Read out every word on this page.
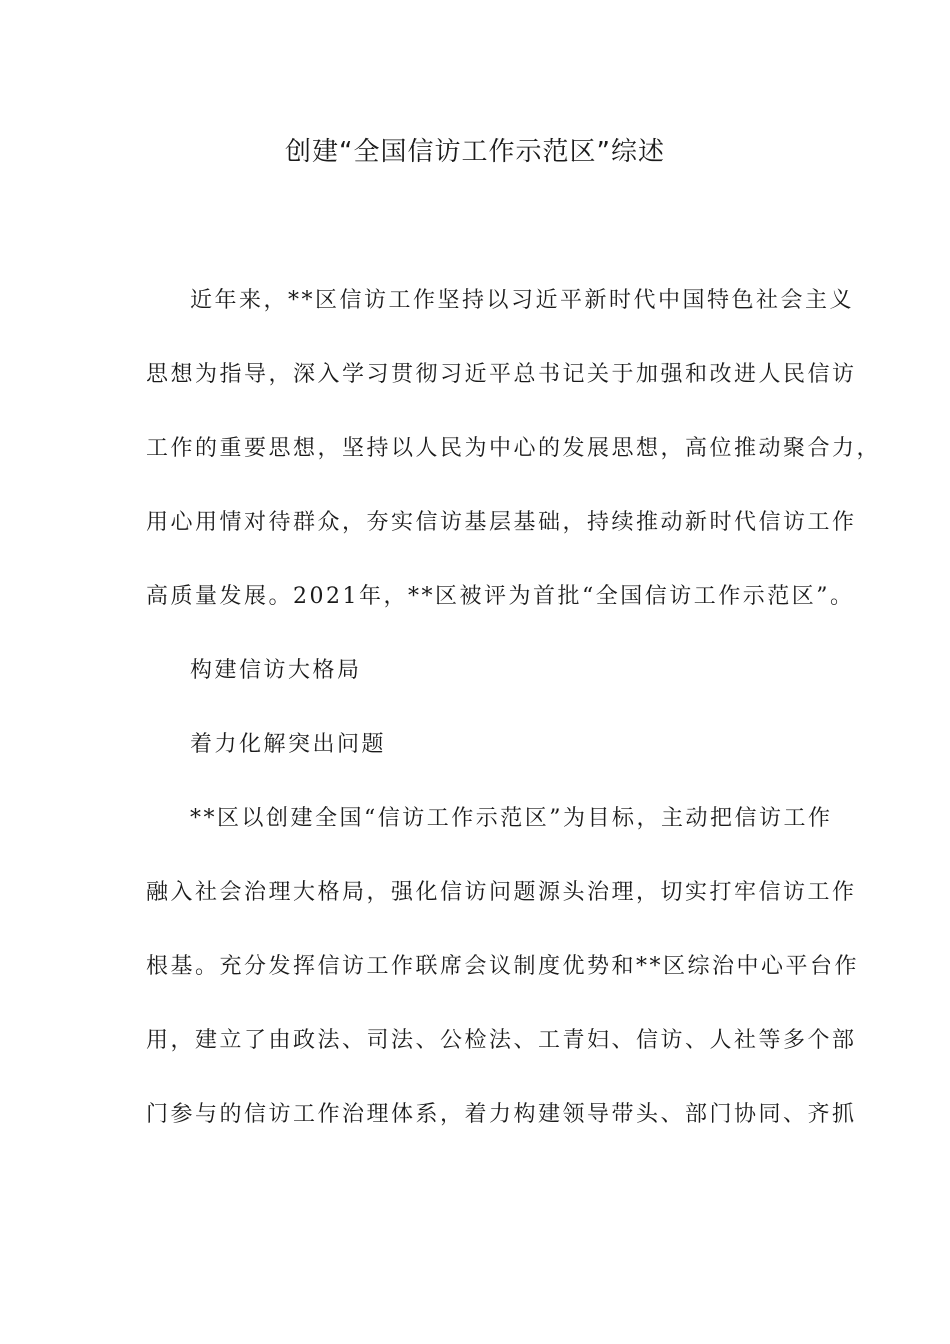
创建“全国信访工作示范区”综述
近年来，**区信访工作坚持以习近平新时代中国特色社会主义
思想为指导，深入学习贯彻习近平总书记关于加强和改进人民信访
工作的重要思想，坚持以人民为中心的发展思想，高位推动聚合力，
用心用情对待群众，夯实信访基层基础，持续推动新时代信访工作
高质量发展。2021年，**区被评为首批“全国信访工作示范区”。
构建信访大格局
着力化解突出问题
**区以创建全国“信访工作示范区”为目标，主动把信访工作
融入社会治理大格局，强化信访问题源头治理，切实打牢信访工作
根基。充分发挥信访工作联席会议制度优势和**区综治中心平台作
用，建立了由政法、司法、公检法、工青妇、信访、人社等多个部
门参与的信访工作治理体系，着力构建领导带头、部门协同、齐抓
